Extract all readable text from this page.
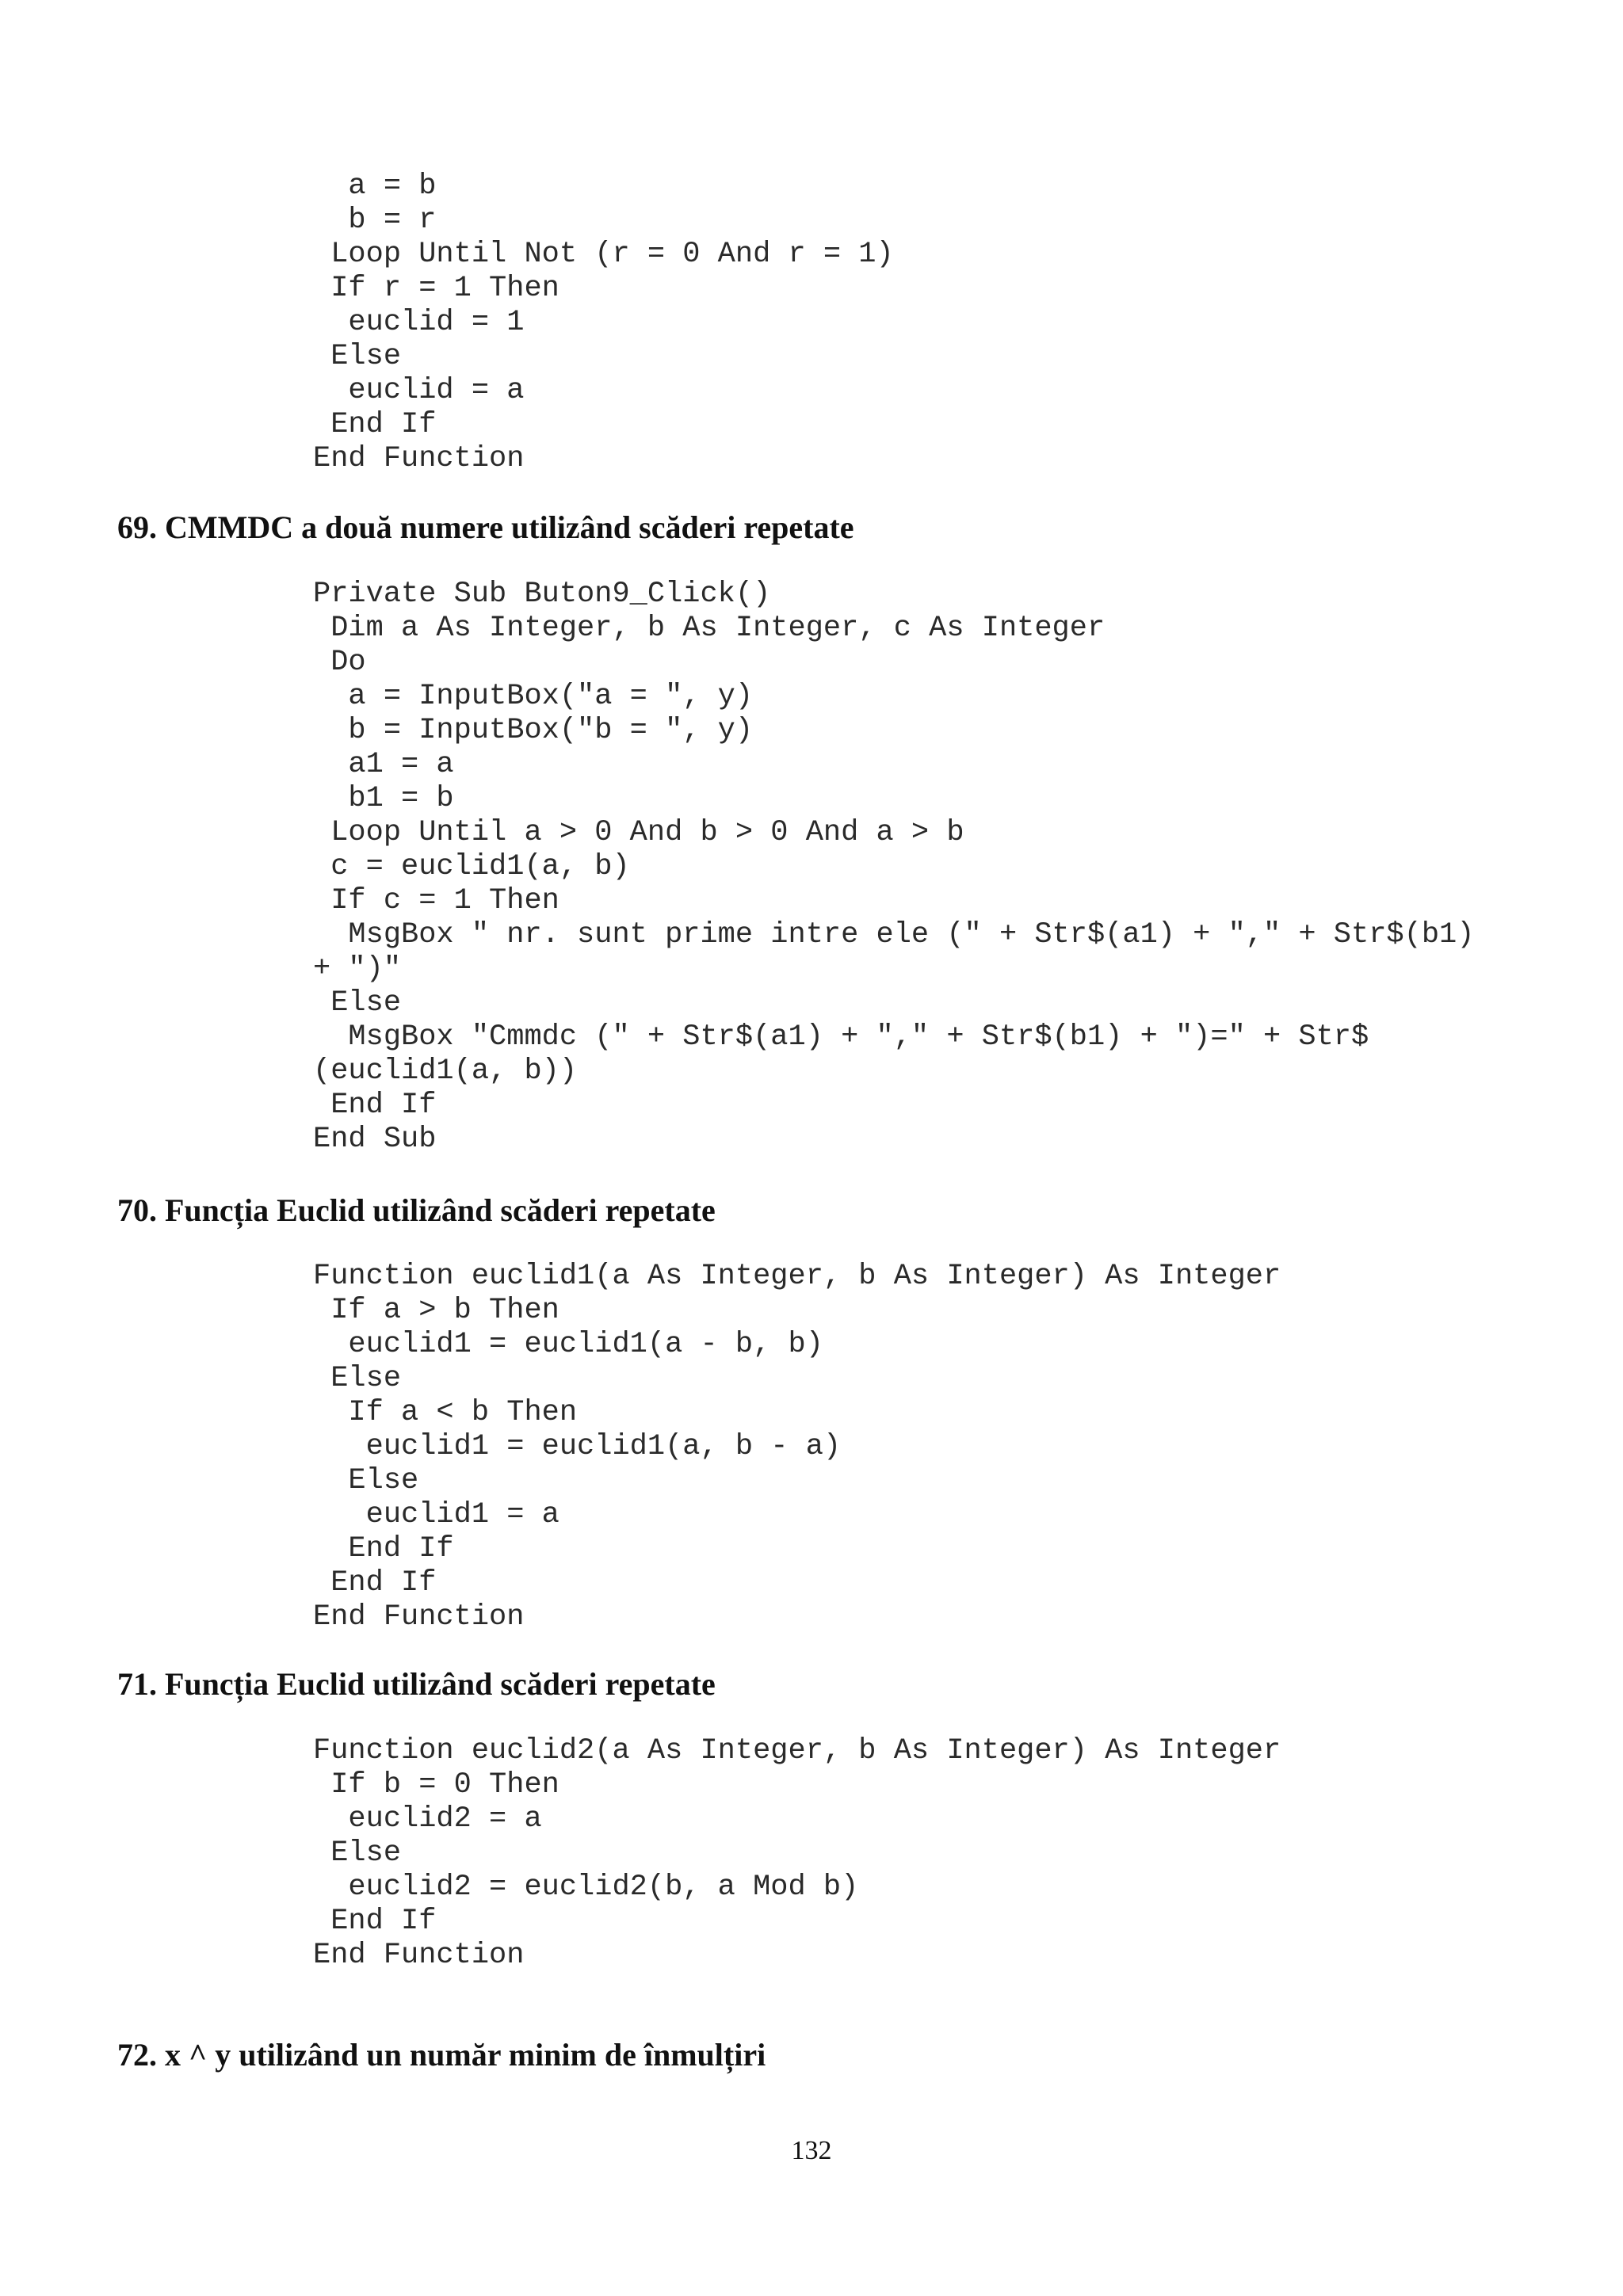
a = b
b = r
Loop Until Not (r = 0 And r = 1)
If r = 1 Then
euclid = 1
Else
euclid = a
End If
End Function
69. CMMDC a două numere utilizând scăderi repetate
Private Sub Buton9_Click()
Dim a As Integer, b As Integer, c As Integer
Do
a = InputBox("a = ", y)
b = InputBox("b = ", y)
a1 = a
b1 = b
Loop Until a > 0 And b > 0 And a > b
c = euclid1(a, b)
If c = 1 Then
MsgBox " nr. sunt prime intre ele (" + Str$(a1) + "," + Str$(b1)
+ ")"
Else
MsgBox "Cmmdc (" + Str$(a1) + "," + Str$(b1) + ")=" + Str$
(euclid1(a, b))
End If
End Sub
70. Funcția Euclid utilizând scăderi repetate
Function euclid1(a As Integer, b As Integer) As Integer
If a > b Then
euclid1 = euclid1(a - b, b)
Else
If a < b Then
euclid1 = euclid1(a, b - a)
Else
euclid1 = a
End If
End If
End Function
71. Funcția Euclid utilizând scăderi repetate
Function euclid2(a As Integer, b As Integer) As Integer
If b = 0 Then
euclid2 = a
Else
euclid2 = euclid2(b, a Mod b)
End If
End Function
72. x ^ y utilizând un număr minim de înmulțiri
132
